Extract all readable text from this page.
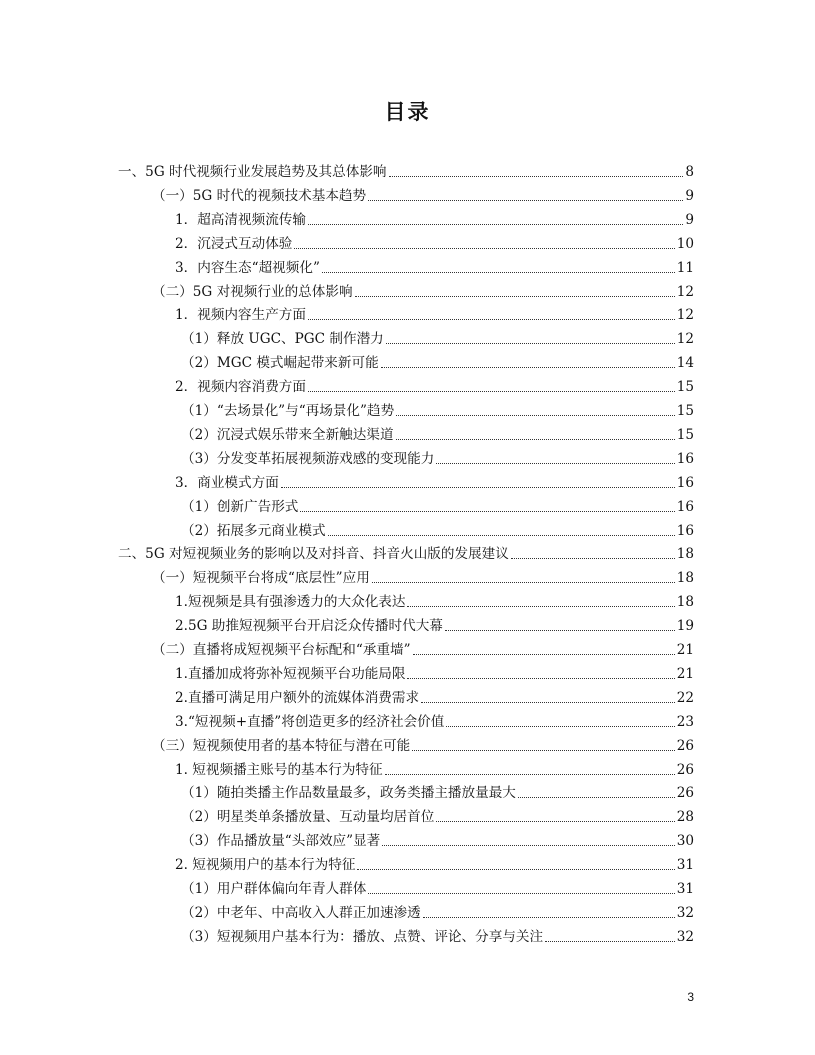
目录
一、5G 时代视频行业发展趋势及其总体影响	8
（一）5G 时代的视频技术基本趋势	9
1．超高清视频流传输	9
2．沉浸式互动体验	10
3．内容生态“超视频化”	11
（二）5G 对视频行业的总体影响	12
1．视频内容生产方面	12
（1）释放 UGC、PGC 制作潜力	12
（2）MGC 模式崛起带来新可能	14
2．视频内容消费方面	15
（1）“去场景化”与“再场景化”趋势	15
（2）沉浸式娱乐带来全新触达渠道	15
（3）分发变革拓展视频游戏感的变现能力	16
3．商业模式方面	16
（1）创新广告形式	16
（2）拓展多元商业模式	16
二、5G 对短视频业务的影响以及对抖音、抖音火山版的发展建议	18
（一）短视频平台将成“底层性”应用	18
1.短视频是具有强渗透力的大众化表达	18
2.5G 助推短视频平台开启泛众传播时代大幕	19
（二）直播将成短视频平台标配和“承重墙”	21
1.直播加成将弥补短视频平台功能局限	21
2.直播可满足用户额外的流媒体消费需求	22
3.“短视频+直播”将创造更多的经济社会价值	23
（三）短视频使用者的基本特征与潜在可能	26
1. 短视频播主账号的基本行为特征	26
（1）随拍类播主作品数量最多，政务类播主播放量最大	26
（2）明星类单条播放量、互动量均居首位	28
（3）作品播放量“头部效应”显著	30
2. 短视频用户的基本行为特征	31
（1）用户群体偏向年青人群体	31
（2）中老年、中高收入人群正加速渗透	32
（3）短视频用户基本行为：播放、点赞、评论、分享与关注	32
3
